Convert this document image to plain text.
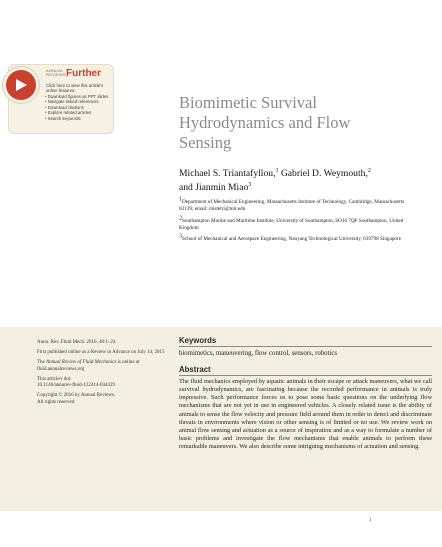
ANNUAL REVIEWS Further
Click here to view this article's online features:
• Download figures as PPT slides
• Navigate linked references
• Download citations
• Explore related articles
• Search keywords
Biomimetic Survival
Hydrodynamics and Flow
Sensing
Michael S. Triantafyllou,$^1$ Gabriel D. Weymouth,$^2$
and Jianmin Miao$^3$
$^1$Department of Mechanical Engineering, Massachusetts Institute of Technology, Cambridge, Massachusetts 02139; email: mistetri@mit.edu
$^2$Southampton Marine and Maritime Institute, University of Southampton, SO16 7QF Southampton, United Kingdom
$^3$School of Mechanical and Aerospace Engineering, Nanyang Technological University, 639798 Singapore

Annu. Rev. Fluid Mech. 2016. 48:1–24

First published online as a Review in Advance on July 14, 2015

The Annual Review of Fluid Mechanics is online at fluid.annualreviews.org

This article's doi:
10.1146/annurev-fluid-122414-034329

Copyright © 2016 by Annual Reviews.
All rights reserved

Keywords
biomimetics, maneuvering, flow control, sensors, robotics
Abstract

The fluid mechanics employed by aquatic animals in their escape or attack maneuvers, what we call survival hydrodynamics, are fascinating because the recorded performance in animals is truly impressive. Such performance forces us to pose some basic questions on the underlying flow mechanisms that are not yet in use in engineered vehicles. A closely related issue is the ability of animals to sense the flow velocity and pressure field around them in order to detect and discriminate threats in environments where vision or other sensing is of limited or no use. We review work on animal flow sensing and actuation as a source of inspiration and as a way to formulate a number of basic problems and investigate the flow mechanisms that enable animals to perform these remarkable maneuvers. We also describe some intriguing mechanisms of actuation and sensing.

1
